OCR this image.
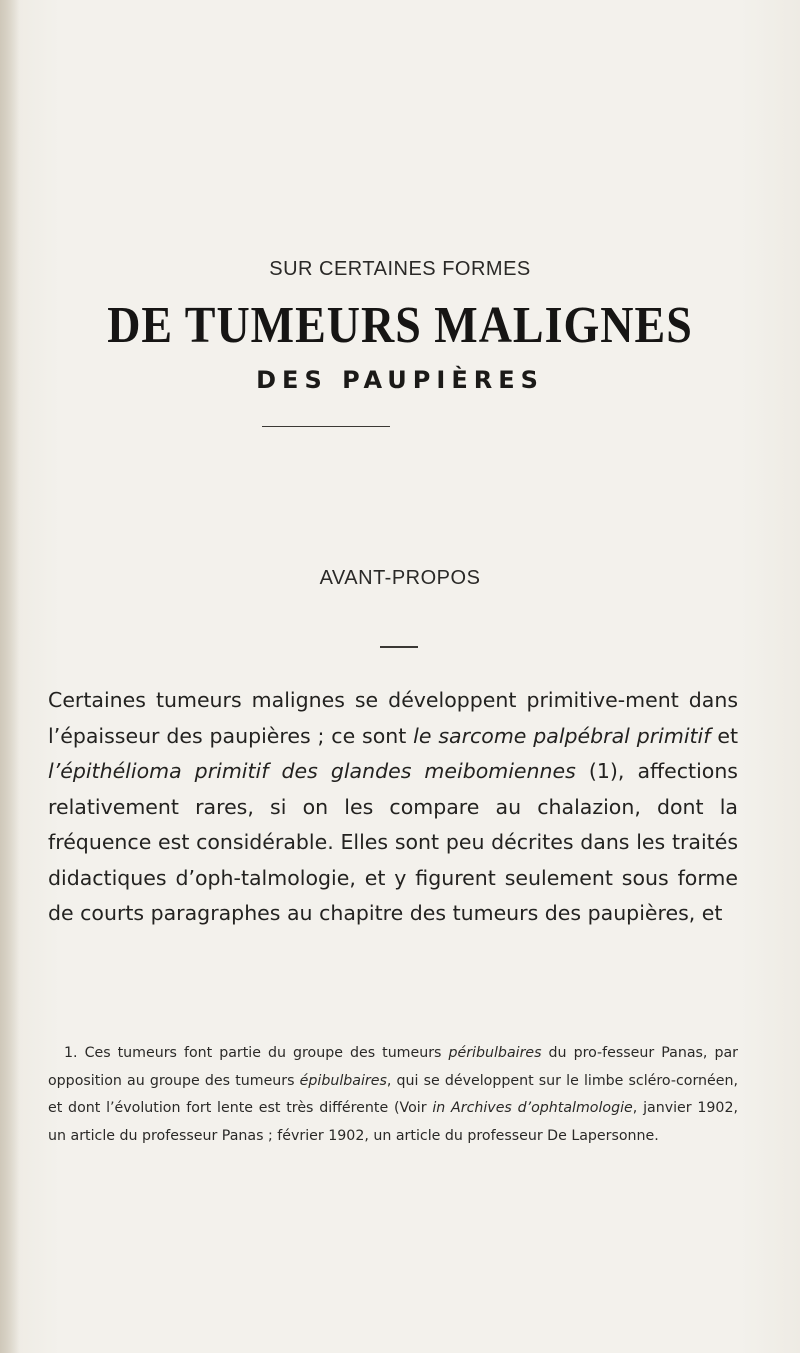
SUR CERTAINES FORMES
DE TUMEURS MALIGNES
DES PAUPIÈRES
AVANT-PROPOS
Certaines tumeurs malignes se développent primitive-ment dans l’épaisseur des paupières ; ce sont le sarcome palpébral primitif et l’épithélioma primitif des glandes meibomiennes (1), affections relativement rares, si on les compare au chalazion, dont la fréquence est considérable. Elles sont peu décrites dans les traités didactiques d’oph-talmologie, et y figurent seulement sous forme de courts paragraphes au chapitre des tumeurs des paupières, et
1. Ces tumeurs font partie du groupe des tumeurs péribulbaires du pro-fesseur Panas, par opposition au groupe des tumeurs épibulbaires, qui se développent sur le limbe scléro-cornéen, et dont l’évolution fort lente est très différente (Voir in Archives d’ophtalmologie, janvier 1902, un article du professeur Panas ; février 1902, un article du professeur De Lapersonne.
